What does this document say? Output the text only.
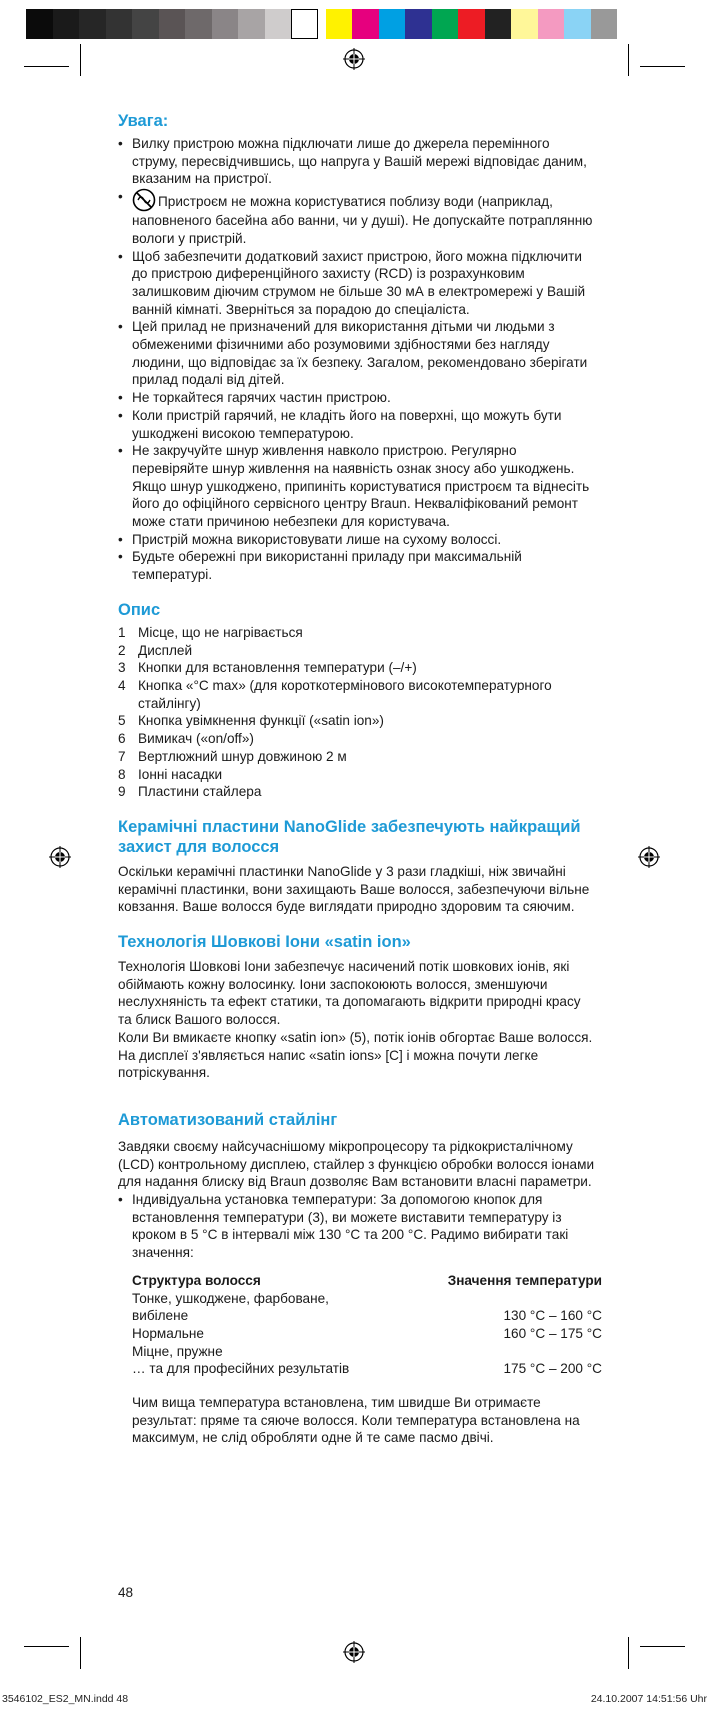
Увага:
• Вилку пристрою можна підключати лише до джерела перемінного струму, пересвідчившись, що напруга у Вашій мережі відповідає даним, вказаним на пристрої.
• Пристроєм не можна користуватися поблизу води (наприклад, наповненого басейна або ванни, чи у душі). Не допускайте потраплянню вологи у пристрій.
• Щоб забезпечити додатковий захист пристрою, його можна підключити до пристрою диференційного захисту (RCD) із розрахунковим залишковим діючим струмом не більше 30 мА в електромережі у Вашій ванній кімнаті. Зверніться за порадою до спеціаліста.
• Цей прилад не призначений для використання дітьми чи людьми з обмеженими фізичними або розумовими здібностями без нагляду людини, що відповідає за їх безпеку. Загалом, рекомендовано зберігати прилад подалі від дітей.
• Не торкайтеся гарячих частин пристрою.
• Коли пристрій гарячий, не кладіть його на поверхні, що можуть бути ушкоджені високою температурою.
• Не закручуйте шнур живлення навколо пристрою. Регулярно перевіряйте шнур живлення на наявність ознак зносу або ушкоджень. Якщо шнур ушкоджено, припиніть користуватися пристроєм та віднесіть його до офіційного сервісного центру Braun. Некваліфікований ремонт може стати причиною небезпеки для користувача.
• Пристрій можна використовувати лише на сухому волоссі.
• Будьте обережні при використанні приладу при максимальній температурі.
Опис
1 Місце, що не нагрівається
2 Дисплей
3 Кнопки для встановлення температури (–/+)
4 Кнопка «°C max» (для короткотермінового високотемпературного стайлінгу)
5 Кнопка увімкнення функції («satin ion»)
6 Вимикач («on/off»)
7 Вертлюжний шнур довжиною 2 м
8 Іонні насадки
9 Пластини стайлера
Керамічні пластини NanoGlide забезпечують найкращий захист для волосся

Оскільки керамічні пластинки NanoGlide у 3 рази гладкіші, ніж звичайні керамічні пластинки, вони захищають Ваше волосся, забезпечуючи вільне ковзання. Ваше волосся буде виглядати природно здоровим та сяючим.

Технологія Шовкові Іони «satin ion»

Технологія Шовкові Іони забезпечує насичений потік шовкових іонів, які обіймають кожну волосинку. Іони заспокоюють волосся, зменшуючи неслухняність та ефект статики, та допомагають відкрити природні красу та блиск Вашого волосся.

Коли Ви вмикаєте кнопку «satin ion» (5), потік іонів обгортає Ваше волосся. На дисплеї з'являється напис «satin ions» [C] і можна почути легке потріскування.

Автоматизований стайлінг

Завдяки своєму найсучаснішому мікропроцесору та рідкокристалічному (LCD) контрольному дисплею, стайлер з функцією обробки волосся іонами для надання блиску від Braun дозволяє Вам встановити власні параметри.

• Індивідуальна установка температури: За допомогою кнопок для встановлення температури (3), ви можете виставити температуру із кроком в 5 °C в інтервалі між 130 °C та 200 °C. Радимо вибирати такі значення:
Структура волосся	Значення температури
Тонке, ушкоджене, фарбоване,	
вибілене	130 °C – 160 °C
Нормальне	160 °C – 175 °C
Міцне, пружне	
… та для професійних результатів	175 °C – 200 °C

Чим вища температура встановлена, тим швидше Ви отримаєте результат: пряме та сяюче волосся. Коли температура встановлена на максимум, не слід обробляти одне й те саме пасмо двічі.

48
3546102_ES2_MN.indd 48	24.10.2007 14:51:56 Uhr
